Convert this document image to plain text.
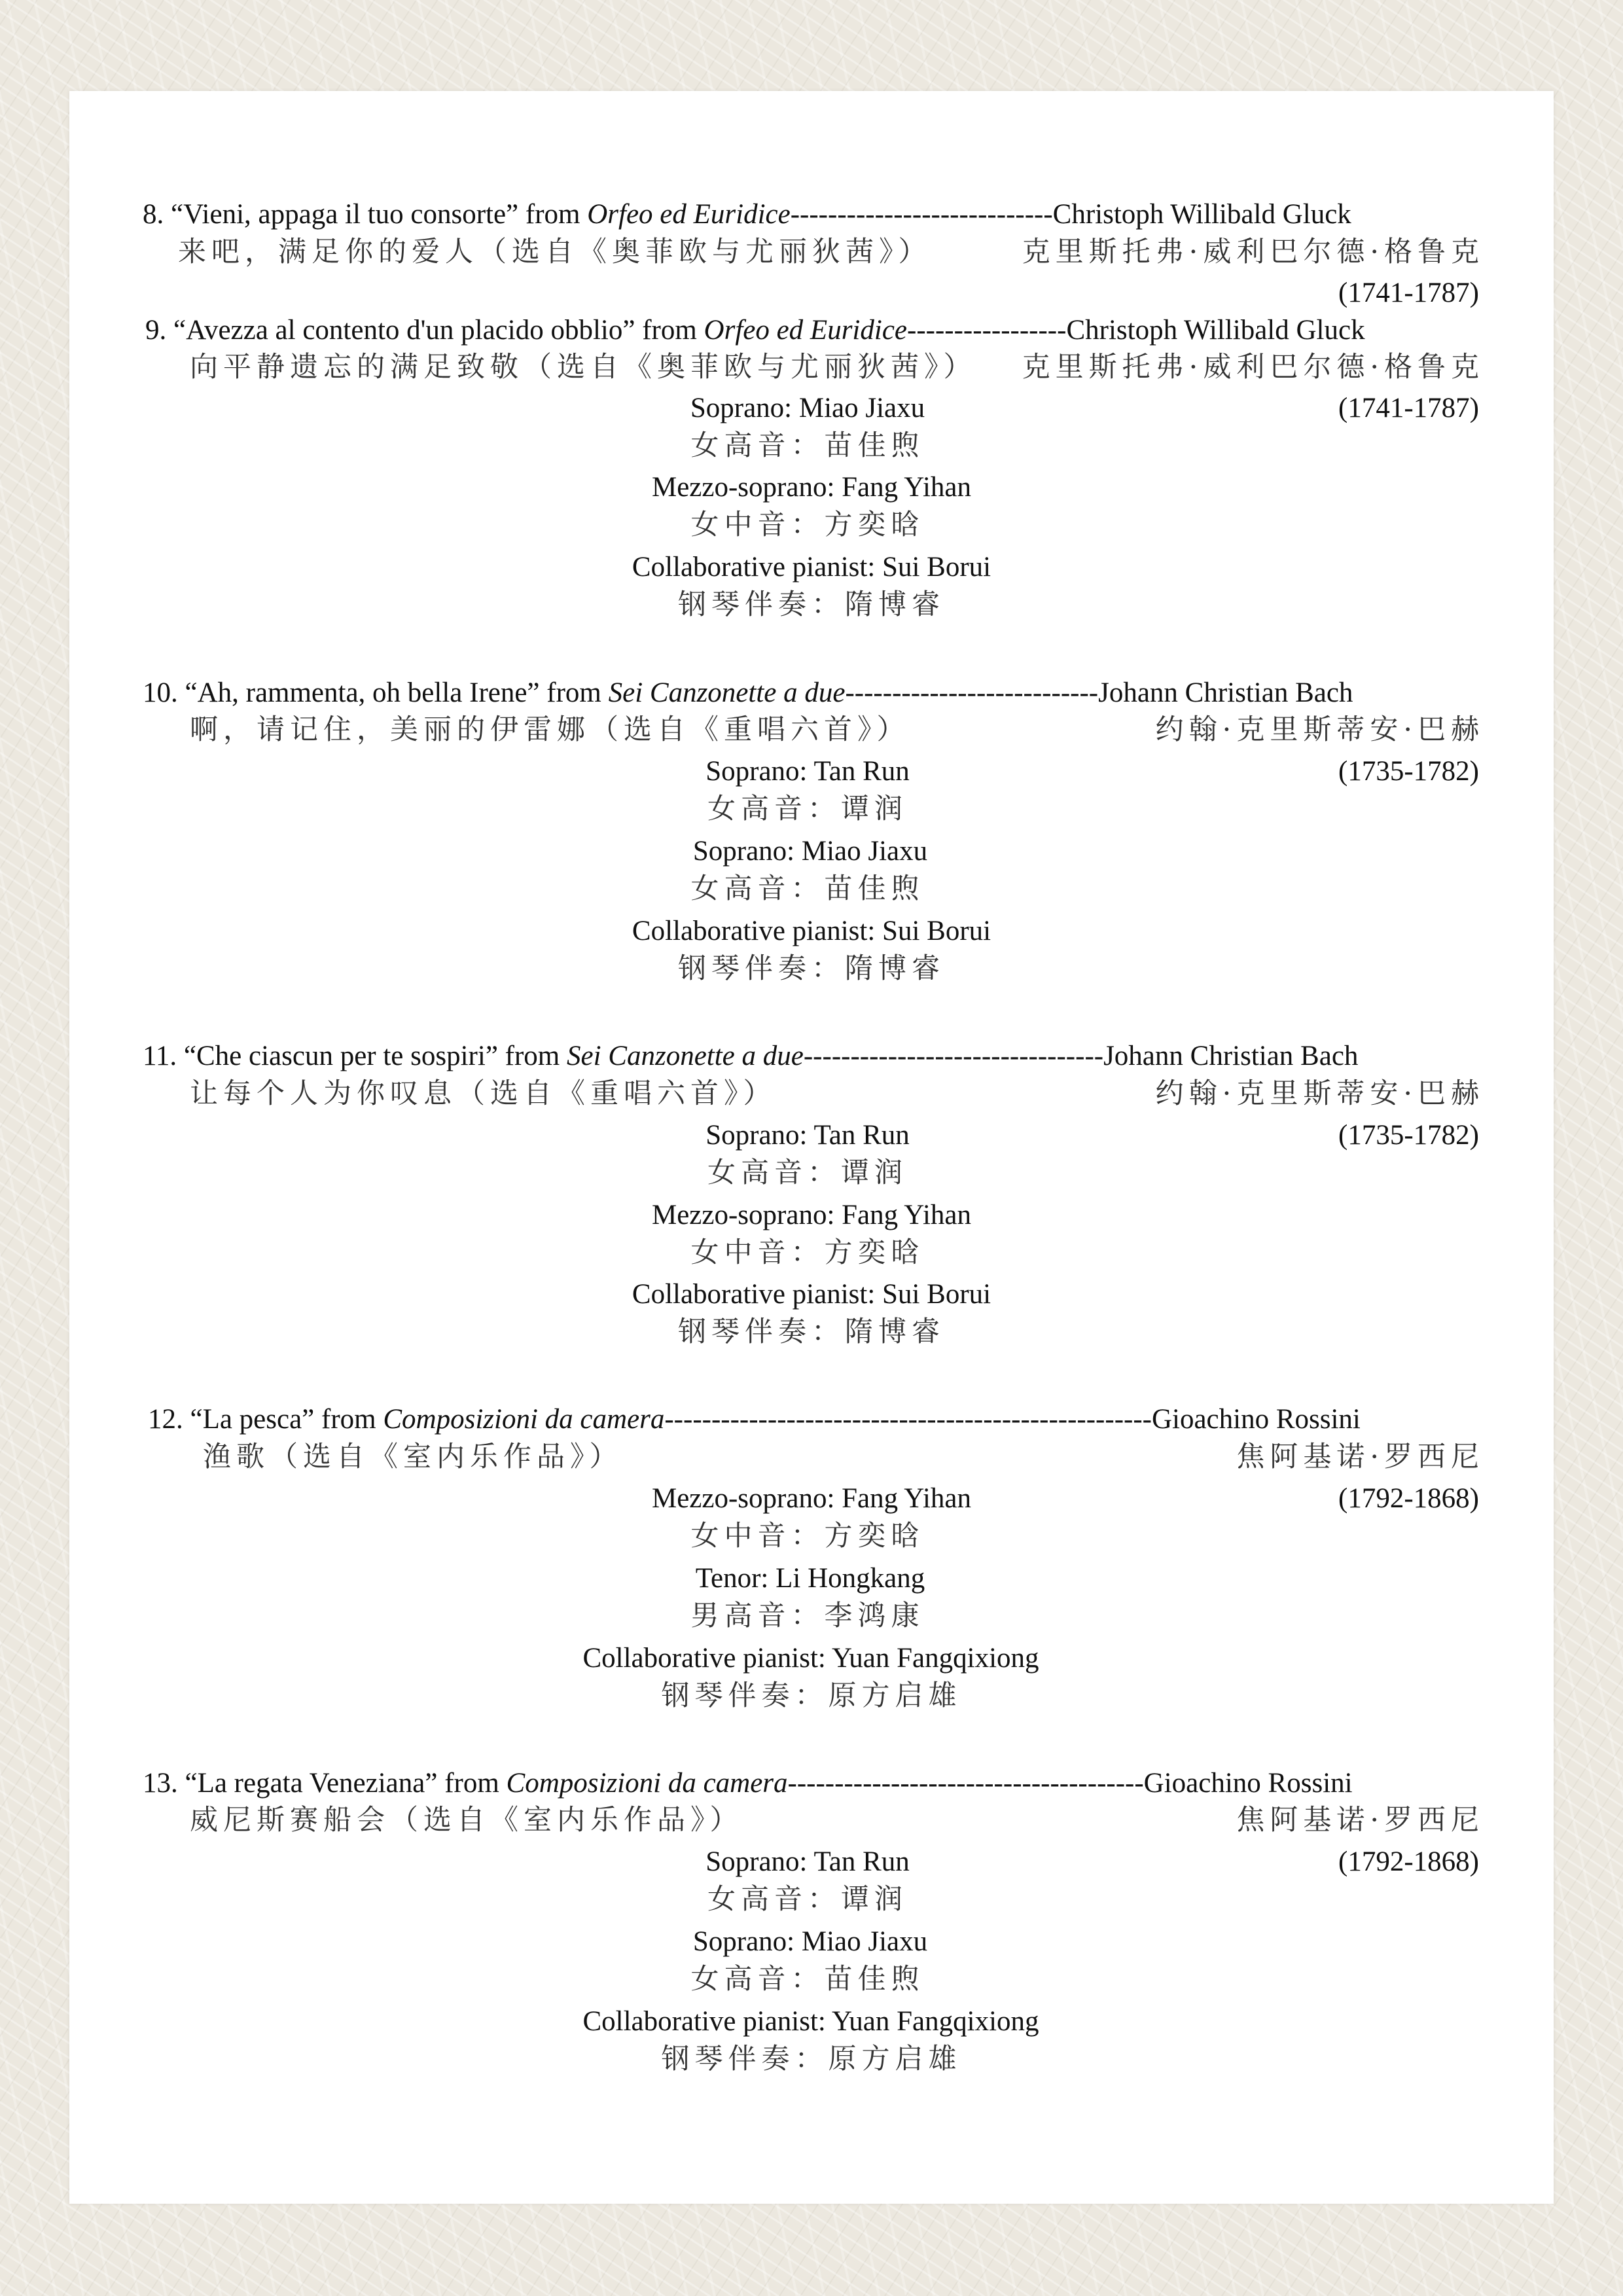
8. “Vieni, appaga il tuo consorte” from Orfeo ed Euridice----------------------------Christoph Willibald Gluck
来吧，满足你的爱人（选自《奥菲欧与尤丽狄茜》）	克里斯托弗·威利巴尔德·格鲁克
(1741-1787)
9. “Avezza al contento d'un placido obblio” from Orfeo ed Euridice-----------------Christoph Willibald Gluck
向平静遗忘的满足致敬（选自《奥菲欧与尤丽狄茜》） 克里斯托弗·威利巴尔德·格鲁克
(1741-1787)
Soprano: Miao Jiaxu
女高音：苗佳煦
Mezzo-soprano: Fang Yihan
女中音：方奕晗
Collaborative pianist: Sui Borui
钢琴伴奏：隋博睿
10. “Ah, rammenta, oh bella Irene” from Sei Canzonette a due---------------------------Johann Christian Bach
啊，请记住，美丽的伊雷娜（选自《重唱六首》）	约翰·克里斯蒂安·巴赫
(1735-1782)
Soprano: Tan Run
女高音：谭润
Soprano: Miao Jiaxu
女高音：苗佳煦
Collaborative pianist: Sui Borui
钢琴伴奏：隋博睿
11. “Che ciascun per te sospiri” from Sei Canzonette a due--------------------------------Johann Christian Bach
让每个人为你叹息（选自《重唱六首》）	约翰·克里斯蒂安·巴赫
(1735-1782)
Soprano: Tan Run
女高音：谭润
Mezzo-soprano: Fang Yihan
女中音：方奕晗
Collaborative pianist: Sui Borui
钢琴伴奏：隋博睿
12. “La pesca” from Composizioni da camera----------------------------------------------------Gioachino Rossini
渔歌（选自《室内乐作品》）	焦阿基诺·罗西尼
(1792-1868)
Mezzo-soprano: Fang Yihan
女中音：方奕晗
Tenor: Li Hongkang
男高音：李鸿康
Collaborative pianist: Yuan Fangqixiong
钢琴伴奏：原方启雄
13. “La regata Veneziana” from Composizioni da camera--------------------------------------Gioachino Rossini
威尼斯赛船会（选自《室内乐作品》）	焦阿基诺·罗西尼
(1792-1868)
Soprano: Tan Run
女高音：谭润
Soprano: Miao Jiaxu
女高音：苗佳煦
Collaborative pianist: Yuan Fangqixiong
钢琴伴奏：原方启雄
